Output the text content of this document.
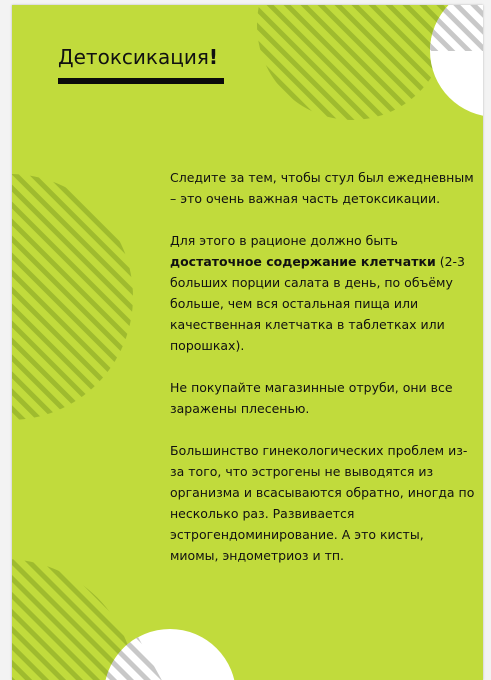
Детоксикация!

Следите за тем, чтобы стул был ежедневным – это очень важная часть детоксикации.

Для этого в рационе должно быть достаточное содержание клетчатки (2-3 больших порции салата в день, по объёму больше, чем вся остальная пища или качественная клетчатка в таблетках или порошках).

Не покупайте магазинные отруби, они все заражены плесенью.

Большинство гинекологических проблем из-за того, что эстрогены не выводятся из организма и всасываются обратно, иногда по несколько раз. Развивается эстрогендоминирование. А это кисты, миомы, эндометриоз и тп.
